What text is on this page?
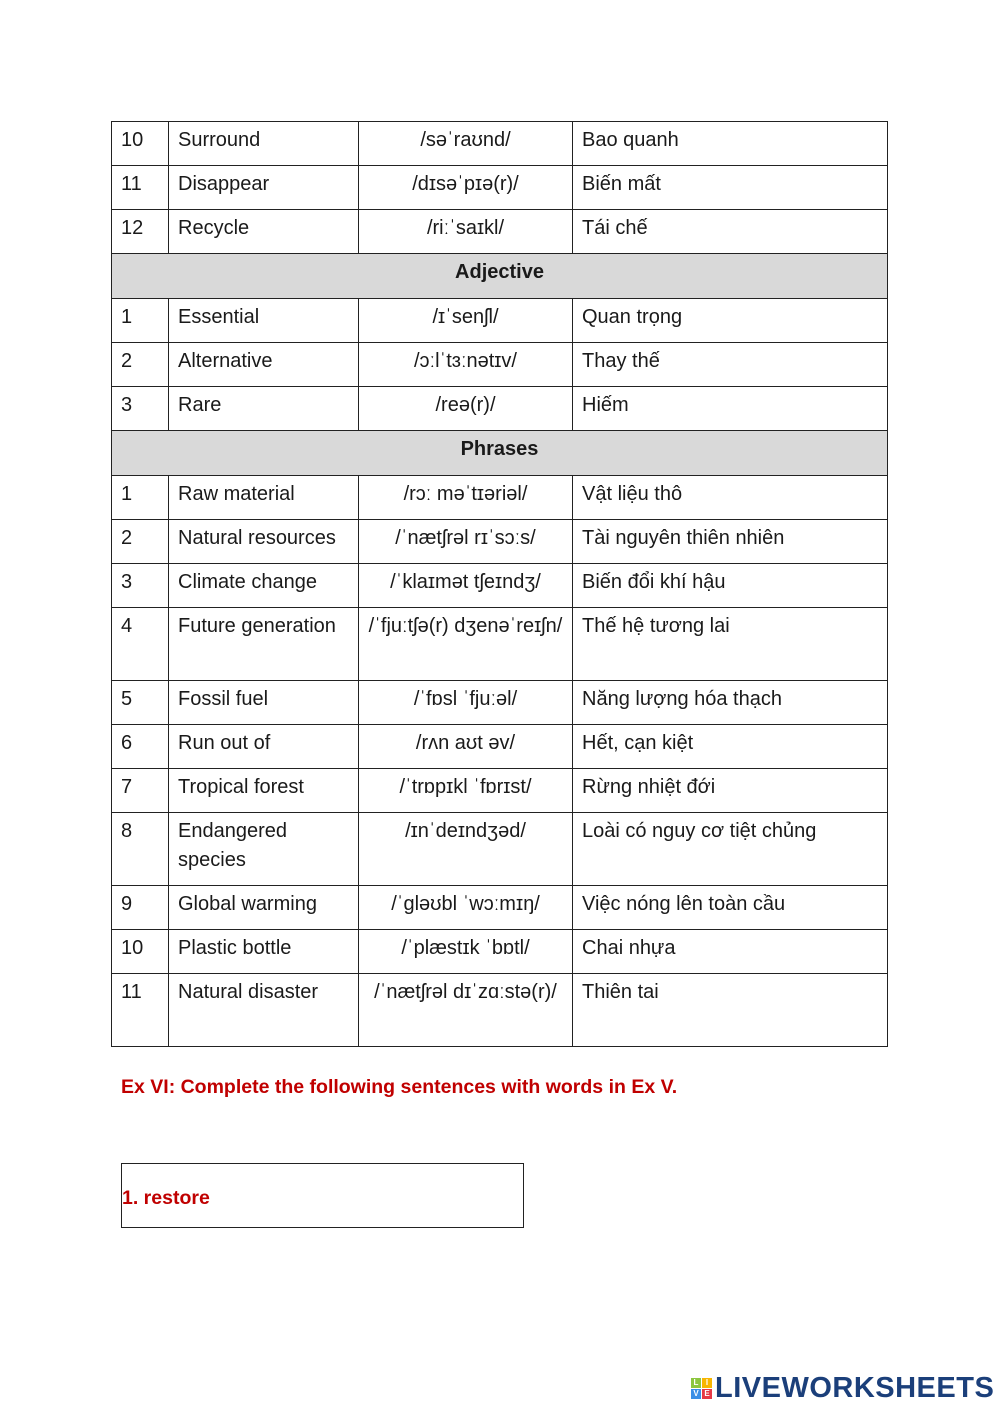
10	Surround	/səˈraʊnd/	Bao quanh
11	Disappear	/dɪsəˈpɪə(r)/	Biến mất
12	Recycle	/riːˈsaɪkl/	Tái chế
Adjective			
1	Essential	/ɪˈsenʃl/	Quan trọng
2	Alternative	/ɔːlˈtɜːnətɪv/	Thay thế
3	Rare	/reə(r)/	Hiếm
Phrases			
1	Raw material	/rɔː məˈtɪəriəl/	Vật liệu thô
2	Natural resources	/ˈnætʃrəl rɪˈsɔːs/	Tài nguyên thiên nhiên
3	Climate change	/ˈklaɪmət tʃeɪndʒ/	Biến đổi khí hậu
4	Future generation	/ˈfjuːtʃə(r) dʒenəˈreɪʃn/	Thế hệ tương lai
5	Fossil fuel	/ˈfɒsl ˈfjuːəl/	Năng lượng hóa thạch
6	Run out of	/rʌn aʊt əv/	Hết, cạn kiệt
7	Tropical forest	/ˈtrɒpɪkl ˈfɒrɪst/	Rừng nhiệt đới
8	Endangered species	/ɪnˈdeɪndʒəd/	Loài có nguy cơ tiệt chủng
9	Global warming	/ˈɡləʊbl ˈwɔːmɪŋ/	Việc nóng lên toàn cầu
10	Plastic bottle	/ˈplæstɪk ˈbɒtl/	Chai nhựa
11	Natural disaster	/ˈnætʃrəl dɪˈzɑːstə(r)/	Thiên tai
Ex VI: Complete the following sentences with words in Ex V.
1. restore
L I
V E LIVEWORKSHEETS
